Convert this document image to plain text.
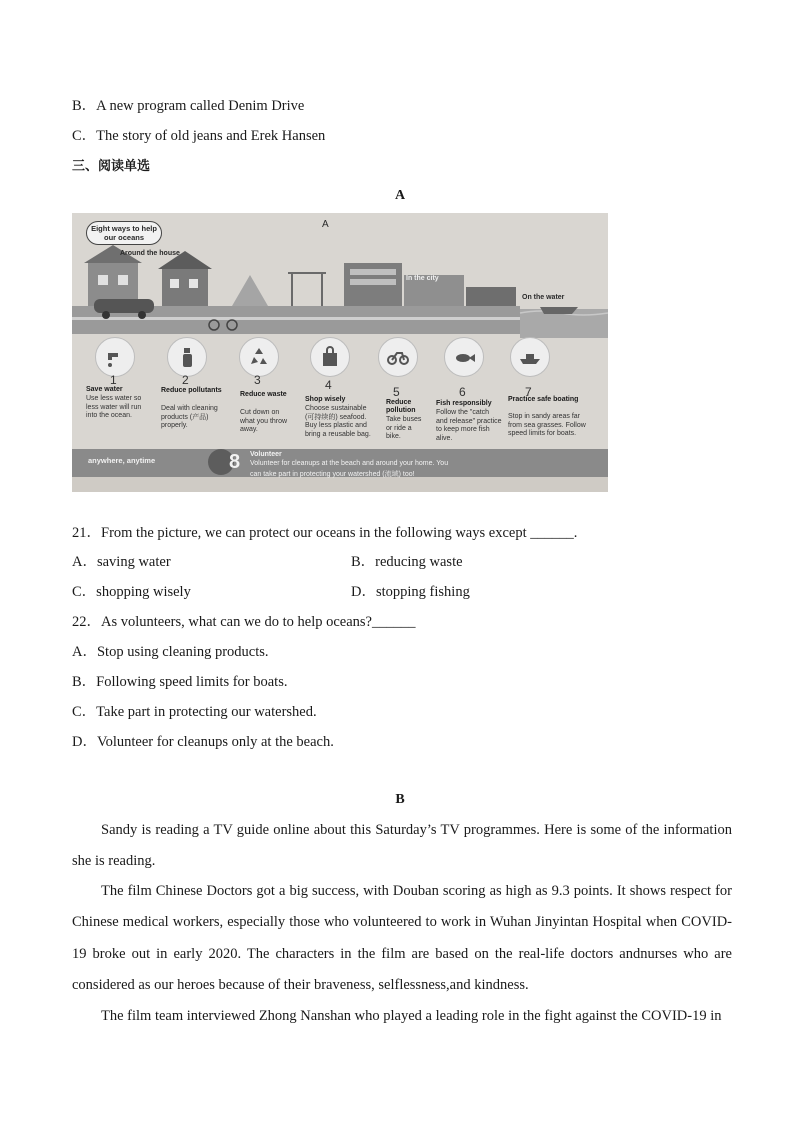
B．A new program called Denim Drive
C．The story of old jeans and Erek Hansen
三、阅读单选
A
Eight ways to help our oceans
A
Around the house
In the city
On the water
1	2	3	4	5	6	7
Save water
Use less water so less water will run into the ocean.
Reduce pollutants
Deal with cleaning products (产品) properly.
Reduce waste
Cut down on what you throw away.
Shop wisely
Choose sustainable (可持续的) seafood. Buy less plastic and bring a reusable bag.
Reduce pollution
Take buses or ride a bike.
Fish responsibly
Follow the "catch and release" practice to keep more fish alive.
Practice safe boating
Stop in sandy areas far from sea grasses. Follow speed limits for boats.
anywhere, anytime	8 Volunteer
Volunteer for cleanups at the beach and around your home. You
can take part in protecting your watershed (流域) too!
21．From the picture, we can protect our oceans in the following ways except ______.
A．saving water	B．reducing waste
C．shopping wisely	D．stopping fishing
22．As volunteers, what can we do to help oceans?______
A．Stop using cleaning products.
B．Following speed limits for boats.
C．Take part in protecting our watershed.
D．Volunteer for cleanups only at the beach.
B
Sandy is reading a TV guide online about this Saturday’s TV programmes. Here is some of the information she is reading.
The film Chinese Doctors got a big success, with Douban scoring as high as 9.3 points. It shows respect for Chinese medical workers, especially those who volunteered to work in Wuhan Jinyintan Hospital when COVID-19 broke out in early 2020. The characters in the film are based on the real-life doctors andnurses who are considered as our heroes because of their braveness, selflessness,and kindness.
The film team interviewed Zhong Nanshan who played a leading role in the fight against the COVID-19 in
